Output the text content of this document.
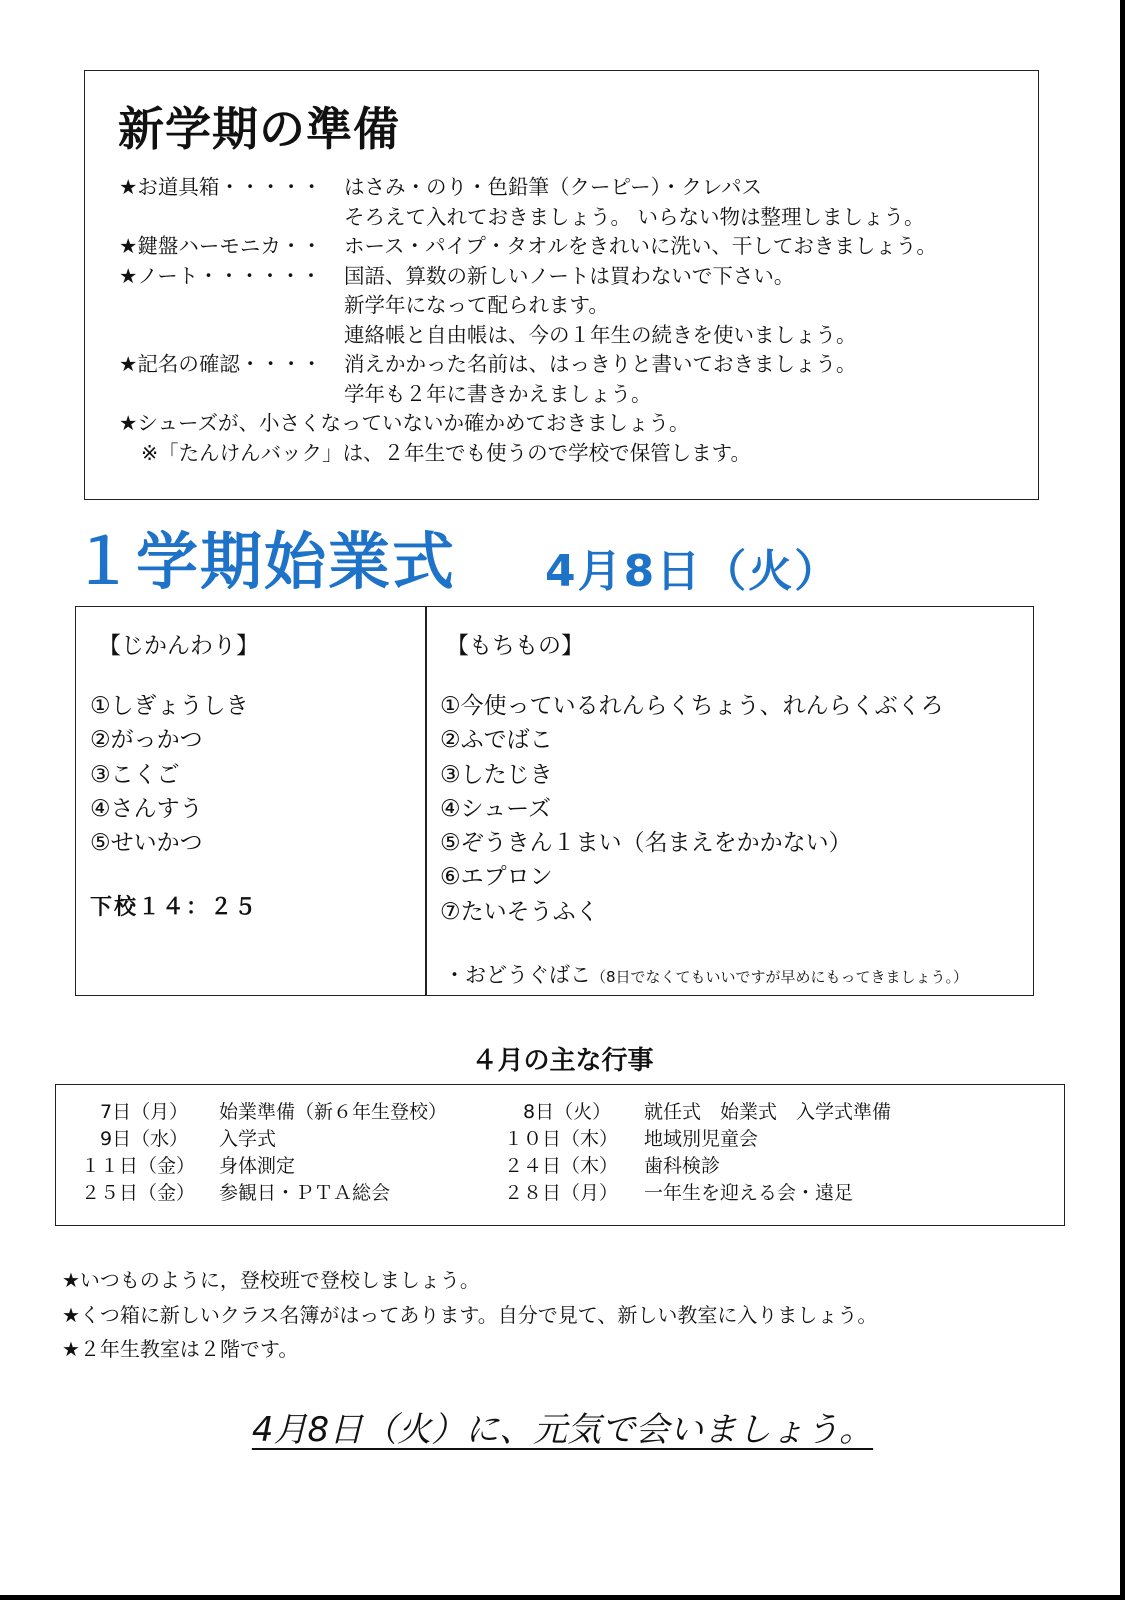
新学期の準備
★お道具箱・・・・・	はさみ・のり・色鉛筆（クーピー）・クレパス
そろえて入れておきましょう。 いらない物は整理しましょう。
★鍵盤ハーモニカ・・	ホース・パイプ・タオルをきれいに洗い、干しておきましょう。
★ノート・・・・・・	国語、算数の新しいノートは買わないで下さい。
新学年になって配られます。
連絡帳と自由帳は、今の１年生の続きを使いましょう。
★記名の確認・・・・	消えかかった名前は、はっきりと書いておきましょう。
学年も２年に書きかえましょう。
★シューズが、小さくなっていないか確かめておきましょう。
※「たんけんバック」は、２年生でも使うので学校で保管します。
１学期始業式 4月8日（火）
【じかんわり】
①しぎょうしき
②がっかつ
③こくご
④さんすう
⑤せいかつ
下校１４：２５
【もちもの】
①今使っているれんらくちょう、れんらくぶくろ
②ふでばこ
③したじき
④シューズ
⑤ぞうきん１まい（名まえをかかない）
⑥エプロン
⑦たいそうふく
・おどうぐばこ（8日でなくてもいいですが早めにもってきましょう。）
４月の主な行事
　7日（月）	始業準備（新６年生登校）	　8日（火）	就任式　始業式　入学式準備
　9日（水）	入学式	１０日（木）	地域別児童会
１１日（金）	身体測定	２４日（木）	歯科検診
２５日（金）	参観日・ＰＴＡ総会	２８日（月）	一年生を迎える会・遠足
★いつものように，登校班で登校しましょう。
★くつ箱に新しいクラス名簿がはってあります。自分で見て、新しい教室に入りましょう。
★２年生教室は２階です。
4月8日（火）に、元気で会いましょう。
